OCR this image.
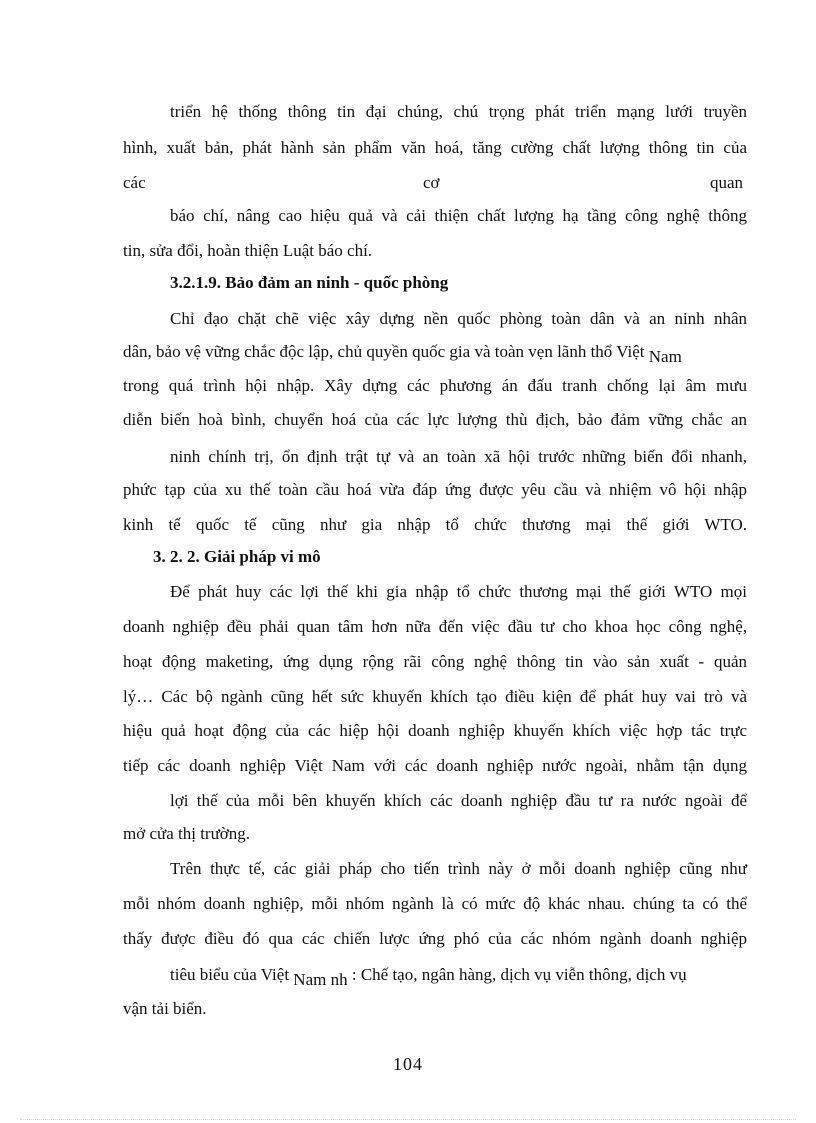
triển hệ thống thông tin đại chúng, chú trọng phát triển mạng lưới truyền
hình, xuất bản, phát hành sản phẩm văn hoá, tăng cường chất lượng thông tin của
các	cơ	quan
báo chí, nâng cao hiệu quả và cải thiện chất lượng hạ tầng công nghệ thông
tin, sửa đổi, hoàn thiện Luật báo chí.
3.2.1.9. Bảo đảm an ninh - quốc phòng
Chỉ đạo chặt chẽ việc xây dựng nền quốc phòng toàn dân và an ninh nhân
dân, bảo vệ vững chắc độc lập, chủ quyền quốc gia và toàn vẹn lãnh thổ Việt Nam
trong quá trình hội nhập. Xây dựng các phương án đấu tranh chống lại âm mưu
diễn biến hoà bình, chuyển hoá của các lực lượng thù địch, bảo đảm vững chắc an
ninh chính trị, ổn định trật tự và an toàn xã hội trước những biến đổi nhanh,
phức tạp của xu thế toàn cầu hoá vừa đáp ứng được yêu cầu và nhiệm vô hội nhập
kinh tế quốc tế cũng như gia nhập tổ chức thương mại thế giới WTO.
3. 2. 2. Giải pháp vi mô
Để phát huy các lợi thế khi gia nhập tổ chức thương mại thế giới WTO mọi
doanh nghiệp đều phải quan tâm hơn nữa đến việc đầu tư cho khoa học công nghệ,
hoạt động maketing, ứng dụng rộng rãi công nghệ thông tin vào sản xuất - quản
lý… Các bộ ngành cũng hết sức khuyến khích tạo điều kiện để phát huy vai trò và
hiệu quả hoạt động của các hiệp hội doanh nghiệp khuyến khích việc hợp tác trực
tiếp các doanh nghiệp Việt Nam với các doanh nghiệp nước ngoài, nhằm tận dụng
lợi thế của mỗi bên khuyến khích các doanh nghiệp đầu tư ra nước ngoài để
mở cửa thị trường.
Trên thực tế, các giải pháp cho tiến trình này ở mỗi doanh nghiệp cũng như
mỗi nhóm doanh nghiệp, mỗi nhóm ngành là có mức độ khác nhau. chúng ta có thể
thấy được điều đó qua các chiến lược ứng phó của các nhóm ngành doanh nghiệp
tiêu biểu của Việt Nam nh : Chế tạo, ngân hàng, dịch vụ viễn thông, dịch vụ
vận tải biển.
104
